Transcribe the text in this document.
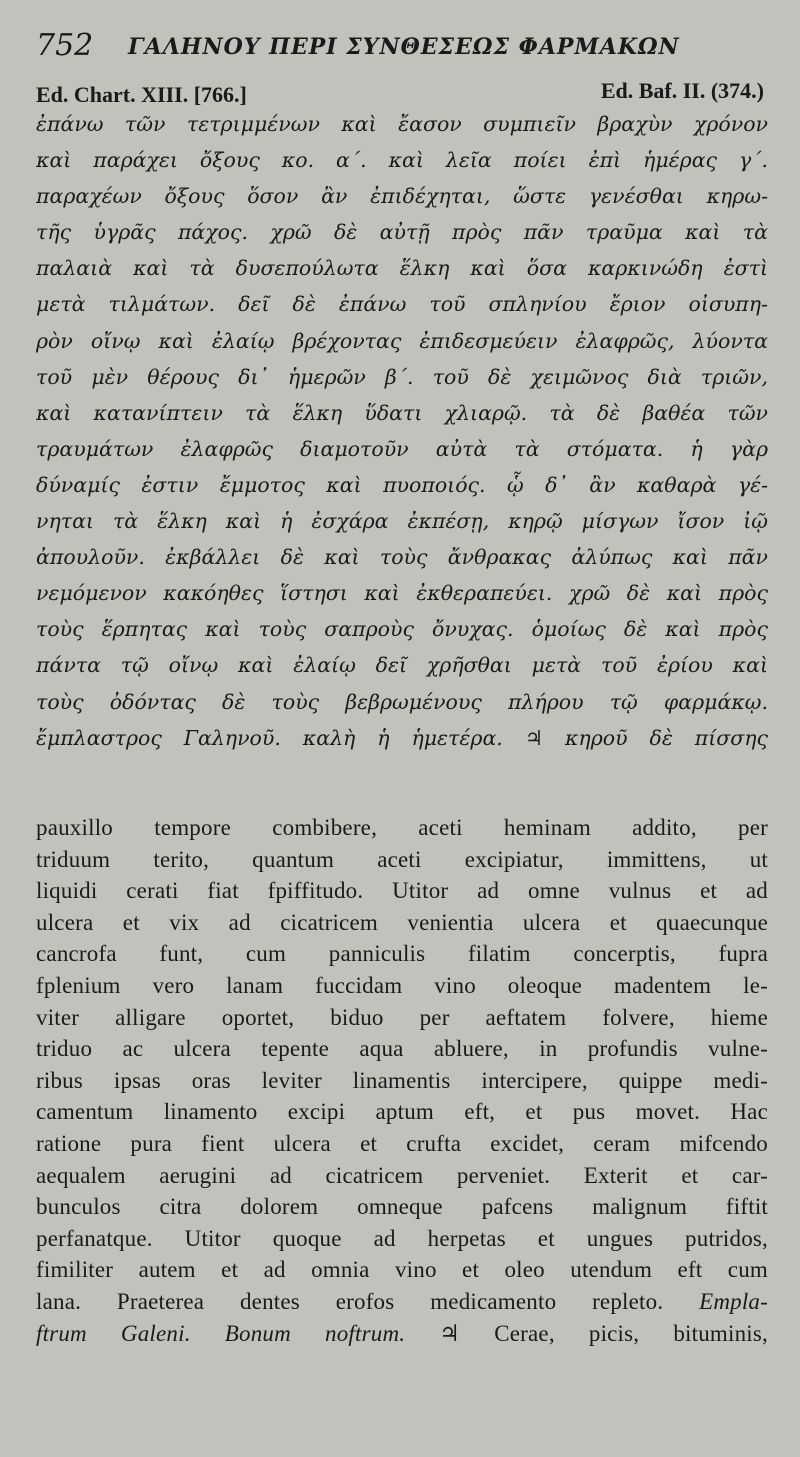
752 ΓΑΛΗΝΟΥ ΠΕΡΙ ΣΥΝΘΕΣΕΩΣ ΦΑΡΜΑΚΩΝ
Ed. Chart. XIII. [766.]	Ed. Baf. II. (374.)
ἐπάνω τῶν τετριμμένων καὶ ἔασον συμπιεῖν βραχὺν χρόνον
καὶ παράχει ὄξους κο. α΄. καὶ λεῖα ποίει ἐπὶ ἡμέρας γ΄.
παραχέων ὄξους ὅσον ἂν ἐπιδέχηται, ὥστε γενέσθαι κηρω-
τῆς ὑγρᾶς πάχος. χρῶ δὲ αὐτῇ πρὸς πᾶν τραῦμα καὶ τὰ
παλαιὰ καὶ τὰ δυσεπούλωτα ἕλκη καὶ ὅσα καρκινώδη ἐστὶ
μετὰ τιλμάτων. δεῖ δὲ ἐπάνω τοῦ σπληνίου ἔριον οἰσυπη-
ρὸν οἴνῳ καὶ ἐλαίῳ βρέχοντας ἐπιδεσμεύειν ἐλαφρῶς, λύοντα
τοῦ μὲν θέρους δι᾽ ἡμερῶν β΄. τοῦ δὲ χειμῶνος διὰ τριῶν,
καὶ κατανίπτειν τὰ ἕλκη ὕδατι χλιαρῷ. τὰ δὲ βαθέα τῶν
τραυμάτων ἐλαφρῶς διαμοτοῦν αὐτὰ τὰ στόματα. ἡ γὰρ
δύναμίς ἐστιν ἔμμοτος καὶ πυοποιός. ᾧ δ᾽ ἂν καθαρὰ γέ-
νηται τὰ ἕλκη καὶ ἡ ἐσχάρα ἐκπέσῃ, κηρῷ μίσγων ἴσον ἰῷ
ἀπουλοῦν. ἐκβάλλει δὲ καὶ τοὺς ἄνθρακας ἀλύπως καὶ πᾶν
νεμόμενον κακόηθες ἵστησι καὶ ἐκθεραπεύει. χρῶ δὲ καὶ πρὸς
τοὺς ἕρπητας καὶ τοὺς σαπροὺς ὄνυχας. ὁμοίως δὲ καὶ πρὸς
πάντα τῷ οἴνῳ καὶ ἐλαίῳ δεῖ χρῆσθαι μετὰ τοῦ ἐρίου καὶ
τοὺς ὀδόντας δὲ τοὺς βεβρωμένους πλήρου τῷ φαρμάκῳ.
ἔμπλαστρος Γαληνοῦ. καλὴ ἡ ἡμετέρα. ♃ κηροῦ δὲ πίσσης
pauxillo tempore combibere, aceti heminam addito, per
triduum terito, quantum aceti excipiatur, immittens, ut
liquidi cerati fiat fpiffitudo. Utitor ad omne vulnus et ad
ulcera et vix ad cicatricem venientia ulcera et quaecunque
cancrofa funt, cum panniculis filatim concerptis, fupra
fplenium vero lanam fuccidam vino oleoque madentem le-
viter alligare oportet, biduo per aeftatem folvere, hieme
triduo ac ulcera tepente aqua abluere, in profundis vulne-
ribus ipsas oras leviter linamentis intercipere, quippe medi-
camentum linamento excipi aptum eft, et pus movet. Hac
ratione pura fient ulcera et crufta excidet, ceram mifcendo
aequalem aerugini ad cicatricem perveniet. Exterit et car-
bunculos citra dolorem omneque pafcens malignum fiftit
perfanatque. Utitor quoque ad herpetas et ungues putridos,
fimiliter autem et ad omnia vino et oleo utendum eft cum
lana. Praeterea dentes erofos medicamento repleto. Empla-
ftrum Galeni. Bonum noftrum. ♃ Cerae, picis, bituminis,
